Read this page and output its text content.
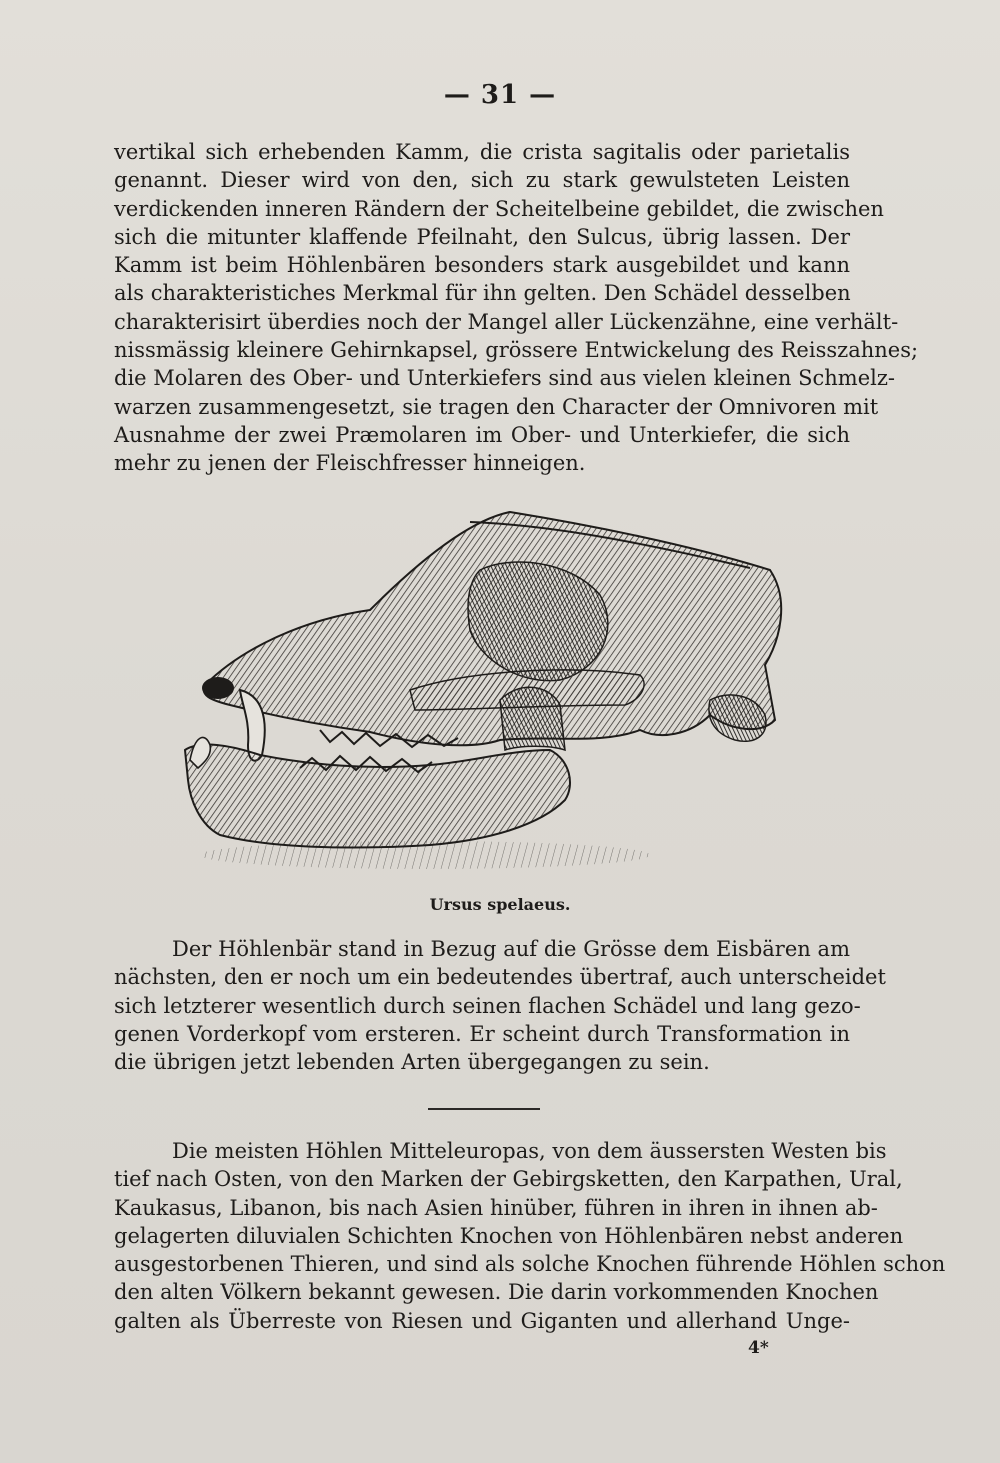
— 31 —
vertikal sich erhebenden Kamm, die crista sagitalis oder parietalis
genannt. Dieser wird von den, sich zu stark gewulsteten Leisten
verdickenden inneren Rändern der Scheitelbeine gebildet, die zwischen
sich die mitunter klaffende Pfeilnaht, den Sulcus, übrig lassen. Der
Kamm ist beim Höhlenbären besonders stark ausgebildet und kann
als charakteristiches Merkmal für ihn gelten. Den Schädel desselben
charakterisirt überdies noch der Mangel aller Lückenzähne, eine verhält-
nissmässig kleinere Gehirnkapsel, grössere Entwickelung des Reisszahnes;
die Molaren des Ober- und Unterkiefers sind aus vielen kleinen Schmelz-
warzen zusammengesetzt, sie tragen den Character der Omnivoren mit
Ausnahme der zwei Præmolaren im Ober- und Unterkiefer, die sich
mehr zu jenen der Fleischfresser hinneigen.
Ursus spelaeus.
Der Höhlenbär stand in Bezug auf die Grösse dem Eisbären am
nächsten, den er noch um ein bedeutendes übertraf, auch unterscheidet
sich letzterer wesentlich durch seinen flachen Schädel und lang gezo-
genen Vorderkopf vom ersteren. Er scheint durch Transformation in
die übrigen jetzt lebenden Arten übergegangen zu sein.
Die meisten Höhlen Mitteleuropas, von dem äussersten Westen bis
tief nach Osten, von den Marken der Gebirgsketten, den Karpathen, Ural,
Kaukasus, Libanon, bis nach Asien hinüber, führen in ihren in ihnen ab-
gelagerten diluvialen Schichten Knochen von Höhlenbären nebst anderen
ausgestorbenen Thieren, und sind als solche Knochen führende Höhlen schon
den alten Völkern bekannt gewesen. Die darin vorkommenden Knochen
galten als Überreste von Riesen und Giganten und allerhand Unge-
4*
